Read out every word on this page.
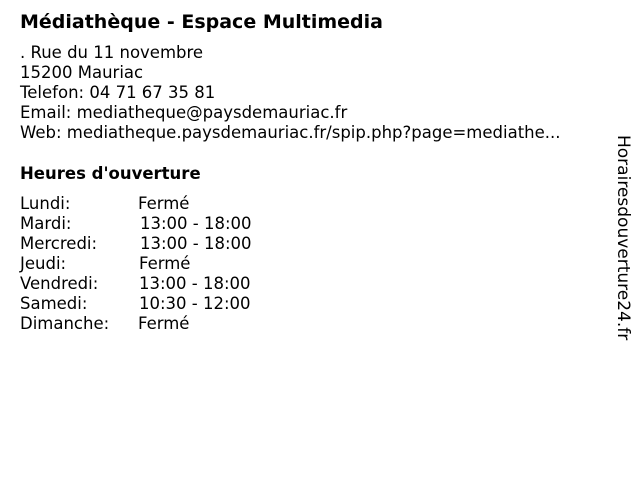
Médiathèque - Espace Multimedia
. Rue du 11 novembre
15200 Mauriac
Telefon: 04 71 67 35 81
Email: mediatheque@paysdemauriac.fr
Web: mediatheque.paysdemauriac.fr/spip.php?page=mediathe...
Heures d'ouverture
Lundi:	Fermé
Mardi:	13:00 - 18:00
Mercredi:	13:00 - 18:00
Jeudi:	Fermé
Vendredi: 13:00 - 18:00
Samedi:	10:30 - 12:00
Dimanche: Fermé	Horairesdouverture24.fr
